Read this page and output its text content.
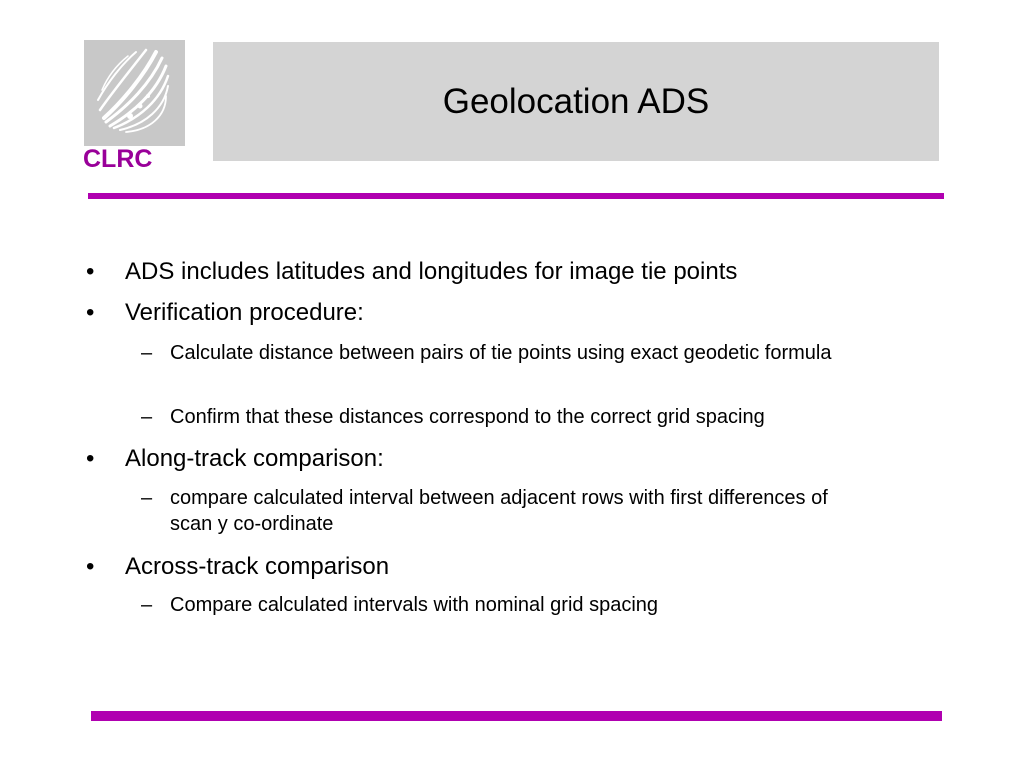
CLRC
Geolocation ADS
•	ADS includes latitudes and longitudes for image tie points
•	Verification procedure:
– Calculate distance between pairs of tie points using exact geodetic formula
– Confirm that these distances correspond to the correct grid spacing
•	Along-track comparison:
– compare calculated interval between adjacent rows with first differences of scan y co-ordinate
•	Across-track comparison
– Compare calculated intervals with nominal grid spacing
